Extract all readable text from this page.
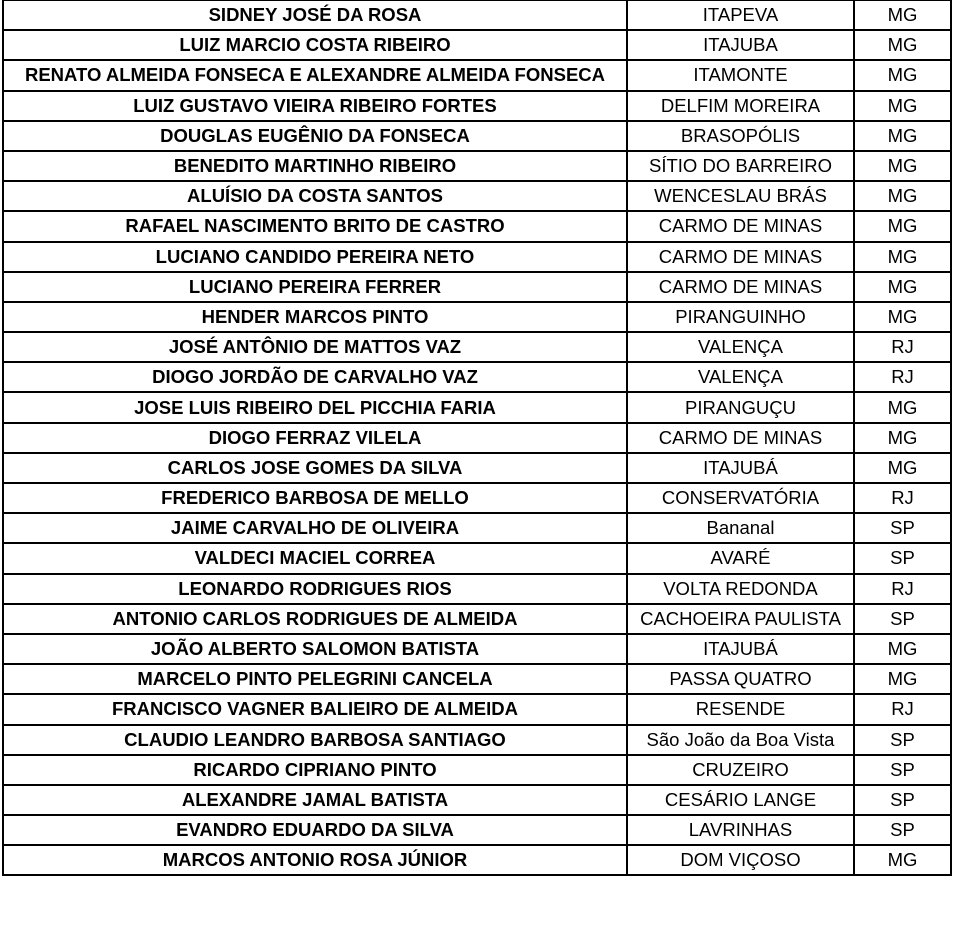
SIDNEY JOSÉ DA ROSA	ITAPEVA	MG
LUIZ MARCIO COSTA RIBEIRO	ITAJUBA	MG
RENATO ALMEIDA FONSECA E ALEXANDRE ALMEIDA FONSECA	ITAMONTE	MG
LUIZ GUSTAVO VIEIRA RIBEIRO FORTES	DELFIM MOREIRA	MG
DOUGLAS EUGÊNIO DA FONSECA	BRASOPÓLIS	MG
BENEDITO MARTINHO RIBEIRO	SÍTIO DO BARREIRO	MG
ALUÍSIO DA COSTA SANTOS	WENCESLAU BRÁS	MG
RAFAEL NASCIMENTO BRITO DE CASTRO	CARMO DE MINAS	MG
LUCIANO CANDIDO PEREIRA NETO	CARMO DE MINAS	MG
LUCIANO PEREIRA FERRER	CARMO DE MINAS	MG
HENDER MARCOS PINTO	PIRANGUINHO	MG
JOSÉ ANTÔNIO DE MATTOS VAZ	VALENÇA	RJ
DIOGO JORDÃO DE CARVALHO VAZ	VALENÇA	RJ
JOSE LUIS RIBEIRO DEL PICCHIA FARIA	PIRANGUÇU	MG
DIOGO FERRAZ VILELA	CARMO DE MINAS	MG
CARLOS JOSE GOMES DA SILVA	ITAJUBÁ	MG
FREDERICO BARBOSA DE MELLO	CONSERVATÓRIA	RJ
JAIME CARVALHO DE OLIVEIRA	Bananal	SP
VALDECI MACIEL CORREA	AVARÉ	SP
LEONARDO RODRIGUES RIOS	VOLTA REDONDA	RJ
ANTONIO CARLOS RODRIGUES DE ALMEIDA	CACHOEIRA PAULISTA	SP
JOÃO ALBERTO SALOMON BATISTA	ITAJUBÁ	MG
MARCELO PINTO PELEGRINI CANCELA	PASSA QUATRO	MG
FRANCISCO VAGNER BALIEIRO DE ALMEIDA	RESENDE	RJ
CLAUDIO LEANDRO BARBOSA SANTIAGO	São João da Boa Vista	SP
RICARDO CIPRIANO PINTO	CRUZEIRO	SP
ALEXANDRE JAMAL BATISTA	CESÁRIO LANGE	SP
EVANDRO EDUARDO DA SILVA	LAVRINHAS	SP
MARCOS ANTONIO ROSA JÚNIOR	DOM VIÇOSO	MG
